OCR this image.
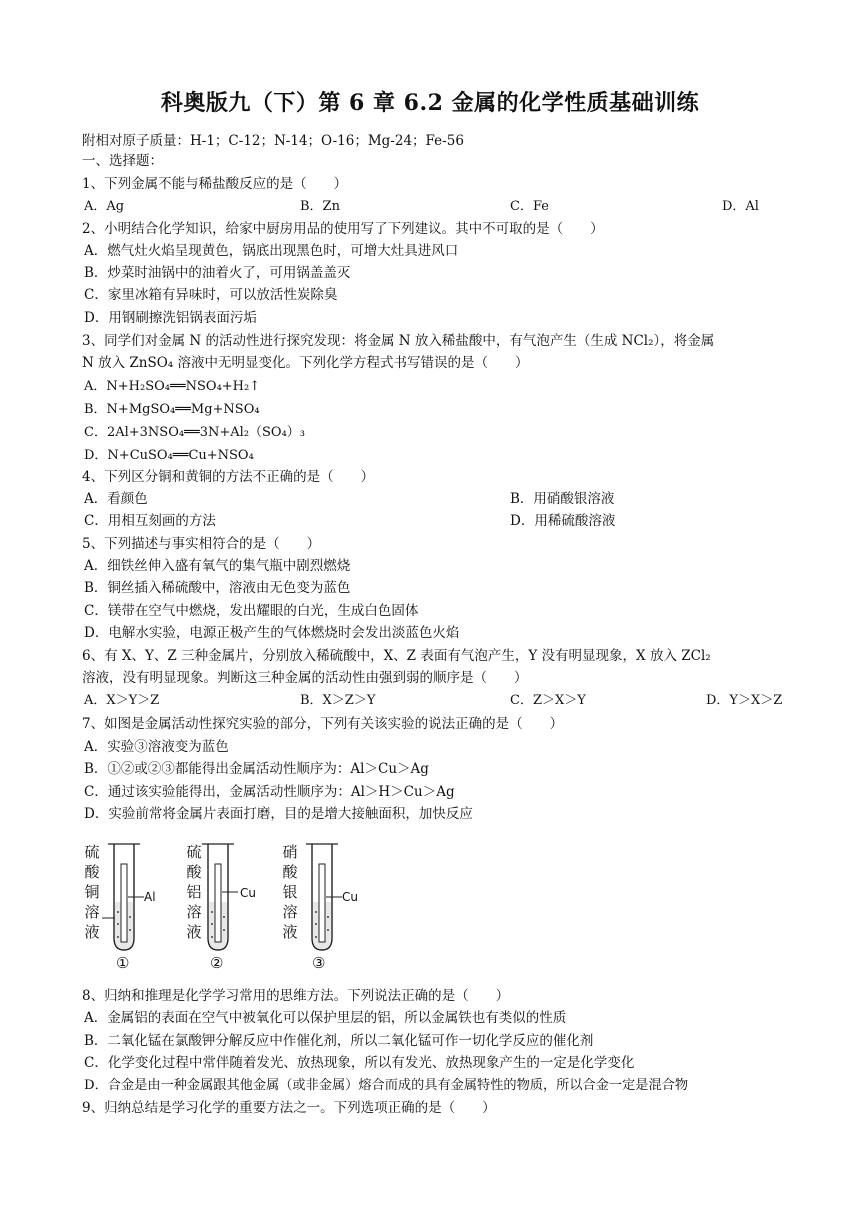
科奥版九（下）第 6 章 6.2 金属的化学性质基础训练
附相对原子质量：H-1；C-12；N-14；O-16；Mg-24；Fe-56
一、选择题：
1、下列金属不能与稀盐酸反应的是（　　）
A．Ag	B．Zn	C．Fe	D．Al
2、小明结合化学知识，给家中厨房用品的使用写了下列建议。其中不可取的是（　　）
A．燃气灶火焰呈现黄色，锅底出现黑色时，可增大灶具进风口
B．炒菜时油锅中的油着火了，可用锅盖盖灭
C．家里冰箱有异味时，可以放活性炭除臭
D．用钢刷擦洗铝锅表面污垢
3、同学们对金属 N 的活动性进行探究发现：将金属 N 放入稀盐酸中，有气泡产生（生成 NCl₂），将金属
N 放入 ZnSO₄ 溶液中无明显变化。下列化学方程式书写错误的是（　　）
A．N+H₂SO₄══NSO₄+H₂↑
B．N+MgSO₄══Mg+NSO₄
C．2Al+3NSO₄══3N+Al₂（SO₄）₃
D．N+CuSO₄══Cu+NSO₄
4、下列区分铜和黄铜的方法不正确的是（　　）
A．看颜色	B．用硝酸银溶液
C．用相互刻画的方法	D．用稀硫酸溶液
5、下列描述与事实相符合的是（　　）
A．细铁丝伸入盛有氧气的集气瓶中剧烈燃烧
B．铜丝插入稀硫酸中，溶液由无色变为蓝色
C．镁带在空气中燃烧，发出耀眼的白光，生成白色固体
D．电解水实验，电源正极产生的气体燃烧时会发出淡蓝色火焰
6、有 X、Y、Z 三种金属片，分别放入稀硫酸中，X、Z 表面有气泡产生，Y 没有明显现象，X 放入 ZCl₂
溶液，没有明显现象。判断这三种金属的活动性由强到弱的顺序是（　　）
A．X＞Y＞Z	B．X＞Z＞Y	C．Z＞X＞Y	D．Y＞X＞Z
7、如图是金属活动性探究实验的部分，下列有关该实验的说法正确的是（　　）
A．实验③溶液变为蓝色
B．①②或②③都能得出金属活动性顺序为：Al＞Cu＞Ag
C．通过该实验能得出，金属活动性顺序为：Al＞H＞Cu＞Ag
D．实验前常将金属片表面打磨，目的是增大接触面积，加快反应
硫
酸
铜
溶
液
Al
①
硫
酸
铝
溶
液
Cu
②
硝
酸
银
溶
液
Cu
③
8、归纳和推理是化学学习常用的思维方法。下列说法正确的是（　　）
A．金属铝的表面在空气中被氧化可以保护里层的铝，所以金属铁也有类似的性质
B．二氧化锰在氯酸钾分解反应中作催化剂，所以二氧化锰可作一切化学反应的催化剂
C．化学变化过程中常伴随着发光、放热现象，所以有发光、放热现象产生的一定是化学变化
D．合金是由一种金属跟其他金属（或非金属）熔合而成的具有金属特性的物质，所以合金一定是混合物
9、归纳总结是学习化学的重要方法之一。下列选项正确的是（　　）
